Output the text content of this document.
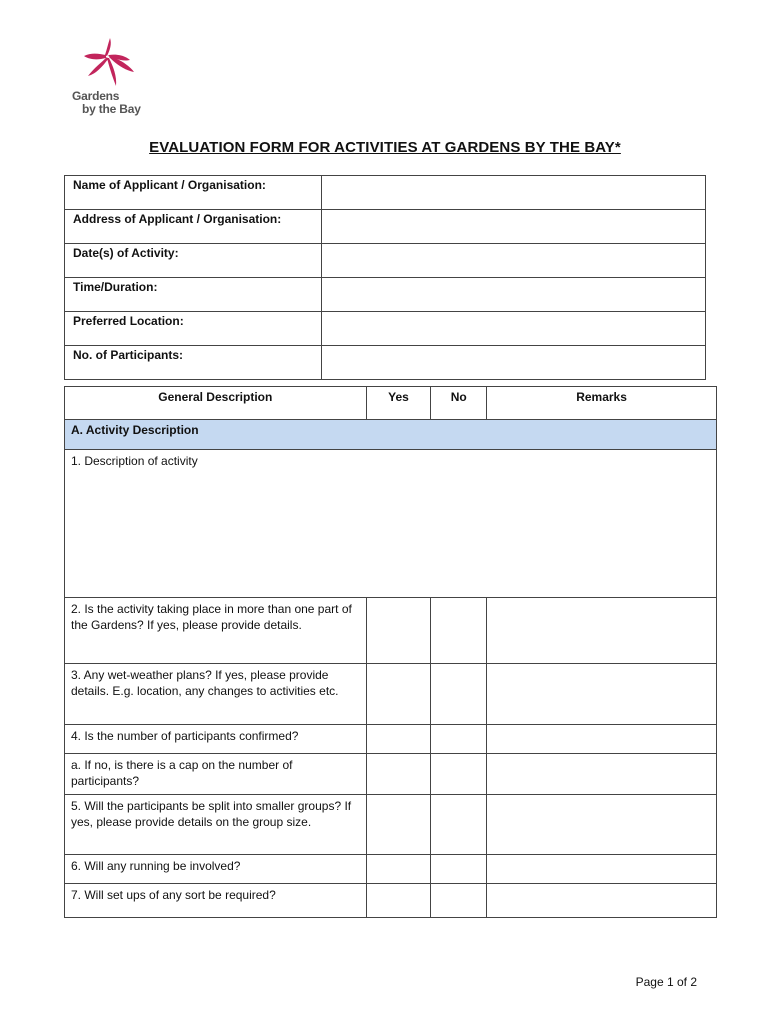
Gardens
by the Bay
EVALUATION FORM FOR ACTIVITIES AT GARDENS BY THE BAY*
Name of Applicant / Organisation:	
Address of Applicant / Organisation:	
Date(s) of Activity:	
Time/Duration:	
Preferred Location:	
No. of Participants:	
General Description	Yes	No	Remarks
A. Activity Description			
1. Description of activity			
2. Is the activity taking place in more than one part of the Gardens? If yes, please provide details.			
3. Any wet-weather plans? If yes, please provide details. E.g. location, any changes to activities etc.			
4. Is the number of participants confirmed?			
a. If no, is there is a cap on the number of participants?			
5. Will the participants be split into smaller groups? If yes, please provide details on the group size.			
6. Will any running be involved?			
7. Will set ups of any sort be required?			
Page 1 of 2
